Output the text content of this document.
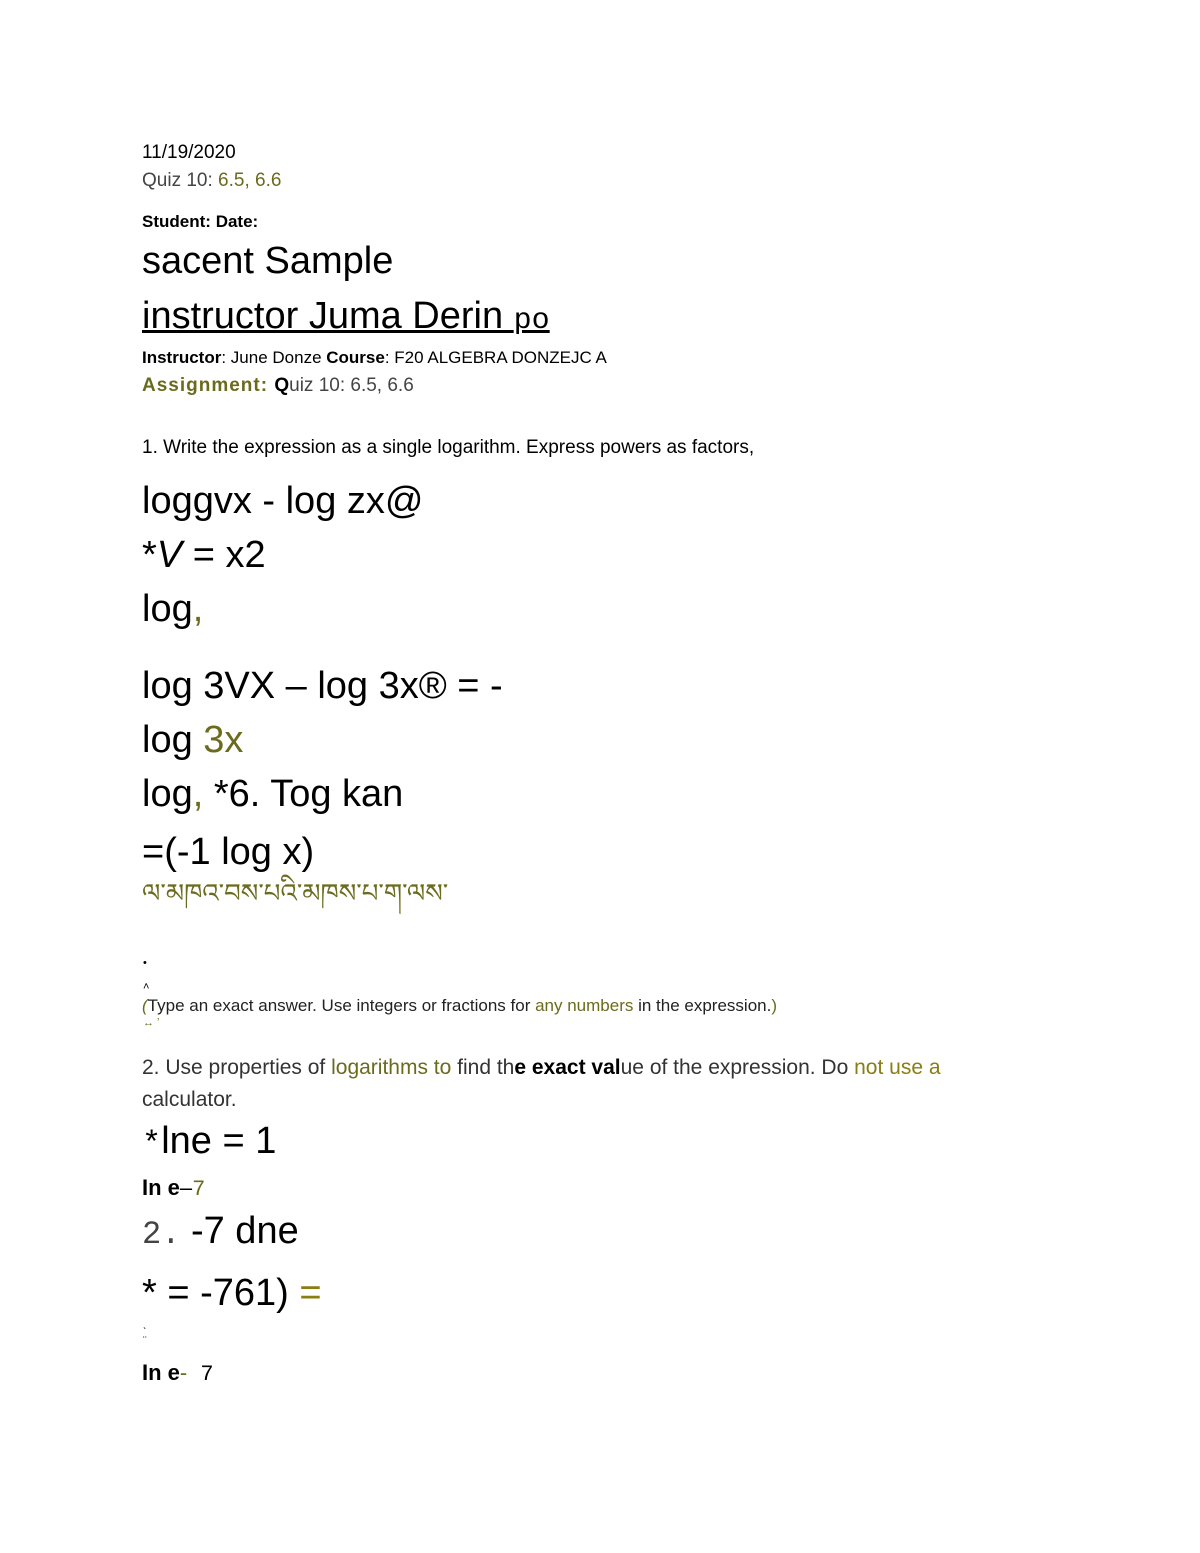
11/19/2020
Quiz 10: 6.5, 6.6
Student: Date:
sacent Sample
instructor Juma Derin po
Instructor: June Donze Course: F20 ALGEBRA DONZEJC A
Assignment: Quiz 10: 6.5, 6.6
1. Write the expression as a single logarithm. Express powers as factors,
loggvx - log zx@
*V = x2
log,
log 3VX – log 3x® = -
log 3x
log, *6. Tog kan
=(-1 log x)
ལ་མཁའ་བས་པའི་མཁས་པ་ག་ལས་
•
˄
(Type an exact answer. Use integers or fractions for any numbers in the expression.)
↔ ʼ
2. Use properties of logarithms to find the exact value of the expression. Do not use a
calculator.
*lne = 1
In e–7
2. -7 dne
* = -761) =
ˎ
¨
In e- 7
